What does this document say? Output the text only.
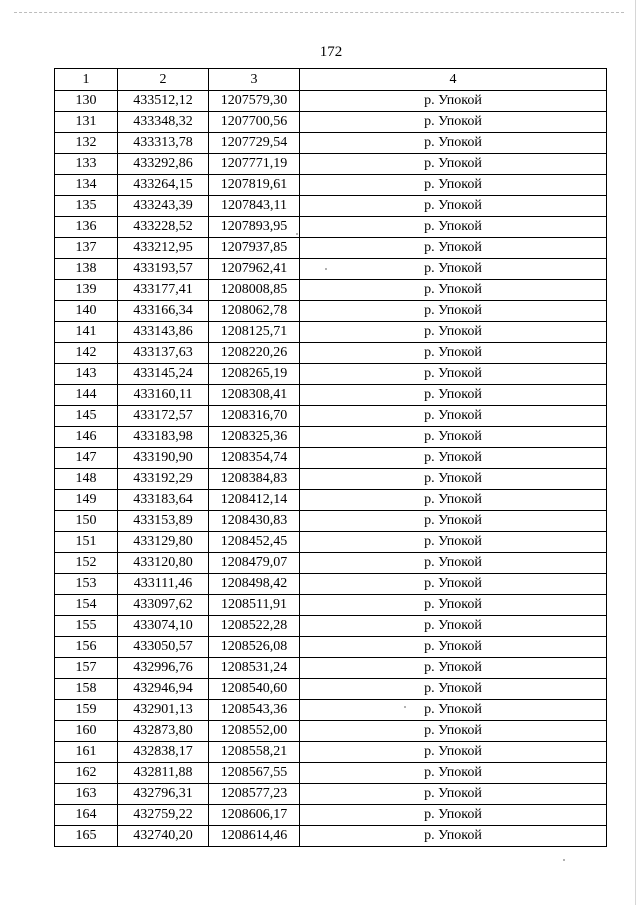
172
1	2	3	4
130	433512,12	1207579,30	р. Упокой
131	433348,32	1207700,56	р. Упокой
132	433313,78	1207729,54	р. Упокой
133	433292,86	1207771,19	р. Упокой
134	433264,15	1207819,61	р. Упокой
135	433243,39	1207843,11	р. Упокой
136	433228,52	1207893,95	р. Упокой
137	433212,95	1207937,85	р. Упокой
138	433193,57	1207962,41	р. Упокой
139	433177,41	1208008,85	р. Упокой
140	433166,34	1208062,78	р. Упокой
141	433143,86	1208125,71	р. Упокой
142	433137,63	1208220,26	р. Упокой
143	433145,24	1208265,19	р. Упокой
144	433160,11	1208308,41	р. Упокой
145	433172,57	1208316,70	р. Упокой
146	433183,98	1208325,36	р. Упокой
147	433190,90	1208354,74	р. Упокой
148	433192,29	1208384,83	р. Упокой
149	433183,64	1208412,14	р. Упокой
150	433153,89	1208430,83	р. Упокой
151	433129,80	1208452,45	р. Упокой
152	433120,80	1208479,07	р. Упокой
153	433111,46	1208498,42	р. Упокой
154	433097,62	1208511,91	р. Упокой
155	433074,10	1208522,28	р. Упокой
156	433050,57	1208526,08	р. Упокой
157	432996,76	1208531,24	р. Упокой
158	432946,94	1208540,60	р. Упокой
159	432901,13	1208543,36	р. Упокой
160	432873,80	1208552,00	р. Упокой
161	432838,17	1208558,21	р. Упокой
162	432811,88	1208567,55	р. Упокой
163	432796,31	1208577,23	р. Упокой
164	432759,22	1208606,17	р. Упокой
165	432740,20	1208614,46	р. Упокой
